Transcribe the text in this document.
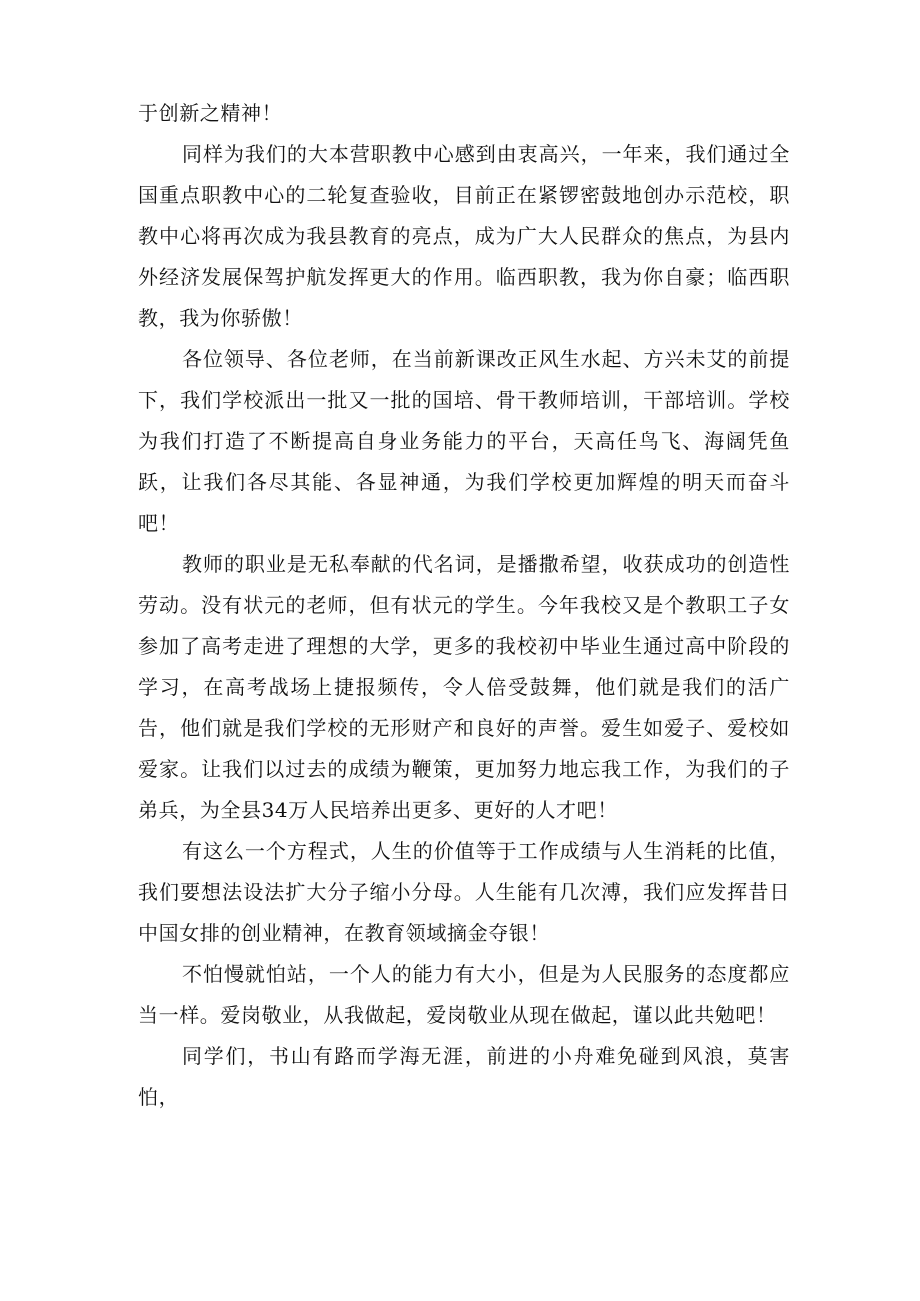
于创新之精神！

同样为我们的大本营职教中心感到由衷高兴，一年来，我们通过全国重点职教中心的二轮复查验收，目前正在紧锣密鼓地创办示范校，职教中心将再次成为我县教育的亮点，成为广大人民群众的焦点，为县内外经济发展保驾护航发挥更大的作用。临西职教，我为你自豪；临西职教，我为你骄傲！

各位领导、各位老师，在当前新课改正风生水起、方兴未艾的前提下，我们学校派出一批又一批的国培、骨干教师培训，干部培训。学校为我们打造了不断提高自身业务能力的平台，天高任鸟飞、海阔凭鱼跃，让我们各尽其能、各显神通，为我们学校更加辉煌的明天而奋斗吧！

教师的职业是无私奉献的代名词，是播撒希望，收获成功的创造性劳动。没有状元的老师，但有状元的学生。今年我校又是个教职工子女参加了高考走进了理想的大学，更多的我校初中毕业生通过高中阶段的学习，在高考战场上捷报频传，令人倍受鼓舞，他们就是我们的活广告，他们就是我们学校的无形财产和良好的声誉。爱生如爱子、爱校如爱家。让我们以过去的成绩为鞭策，更加努力地忘我工作，为我们的子弟兵，为全县34万人民培养出更多、更好的人才吧！

有这么一个方程式，人生的价值等于工作成绩与人生消耗的比值，我们要想法设法扩大分子缩小分母。人生能有几次溥，我们应发挥昔日中国女排的创业精神，在教育领域摘金夺银！

不怕慢就怕站，一个人的能力有大小，但是为人民服务的态度都应当一样。爱岗敬业，从我做起，爱岗敬业从现在做起，谨以此共勉吧！

同学们，书山有路而学海无涯，前进的小舟难免碰到风浪，莫害怕，
